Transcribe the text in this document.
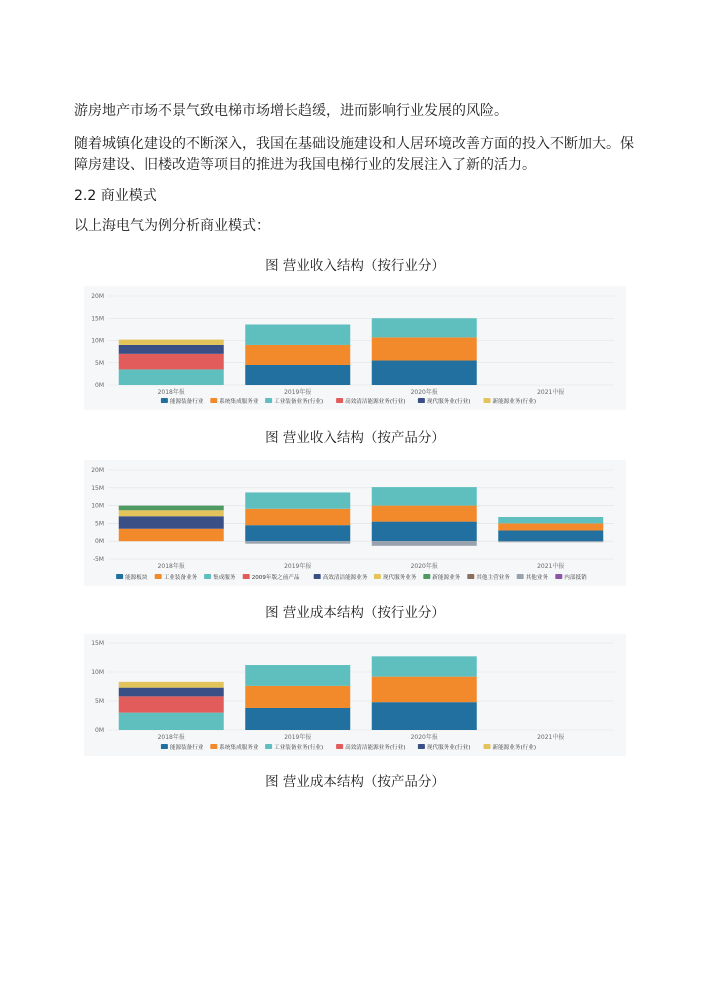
游房地产市场不景气致电梯市场增长趋缓，进而影响行业发展的风险。

随着城镇化建设的不断深入，我国在基础设施建设和人居环境改善方面的投入不断加大。保障房建设、旧楼改造等项目的推进为我国电梯行业的发展注入了新的活力。

2.2 商业模式

以上海电气为例分析商业模式：

图 营业收入结构（按行业分）

0M
5M
10M
15M
20M
2018年报	2019年报	2020年报	2021中报
能源装备行业	系统集成服务业	工业装备业务(行业)	高效清洁能源业务(行业)	现代服务业(行业)	新能源业务(行业)

图 营业收入结构（按产品分）

-5M
0M
5M
10M
15M
20M
2018年报	2019年报	2020年报	2021中报
能源板块	工业装备业务	集成服务	2009年版之前产品	高效清洁能源业务	现代服务业务	新能源业务	其他主营业务	其他业务	内部抵销

图 营业成本结构（按行业分）

0M
5M
10M
15M
2018年报	2019年报	2020年报	2021中报
能源装备行业	系统集成服务业	工业装备业务(行业)	高效清洁能源业务(行业)	现代服务业(行业)	新能源业务(行业)

图 营业成本结构（按产品分）
